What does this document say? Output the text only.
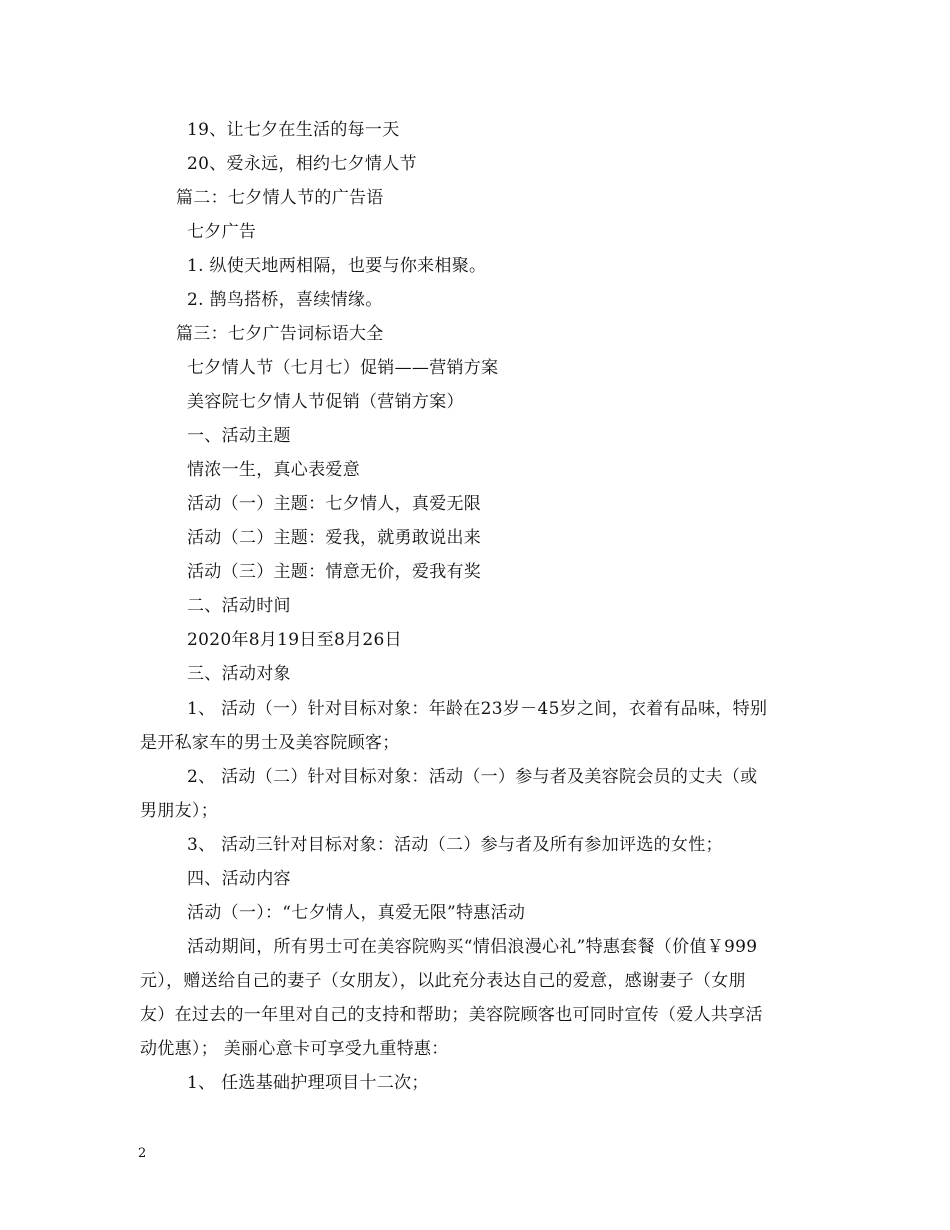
19、让七夕在生活的每一天
20、爱永远，相约七夕情人节
篇二：七夕情人节的广告语
七夕广告
1. 纵使天地两相隔，也要与你来相聚。
2. 鹊鸟搭桥，喜续情缘。
篇三：七夕广告词标语大全
七夕情人节（七月七）促销——营销方案
美容院七夕情人节促销（营销方案）
一、活动主题
情浓一生，真心表爱意
活动（一）主题：七夕情人，真爱无限
活动（二）主题：爱我，就勇敢说出来
活动（三）主题：情意无价，爱我有奖
二、活动时间
2020年8月19日至8月26日
三、活动对象
1、 活动（一）针对目标对象：年龄在23岁－45岁之间，衣着有品味，特别
是开私家车的男士及美容院顾客；
2、 活动（二）针对目标对象：活动（一）参与者及美容院会员的丈夫（或
男朋友）；
3、 活动三针对目标对象：活动（二）参与者及所有参加评选的女性；
四、活动内容
活动（一）：“七夕情人，真爱无限”特惠活动
活动期间，所有男士可在美容院购买“情侣浪漫心礼”特惠套餐（价值￥999
元），赠送给自己的妻子（女朋友），以此充分表达自己的爱意，感谢妻子（女朋
友）在过去的一年里对自己的支持和帮助；美容院顾客也可同时宣传（爱人共享活
动优惠）； 美丽心意卡可享受九重特惠：
1、 任选基础护理项目十二次；
2
